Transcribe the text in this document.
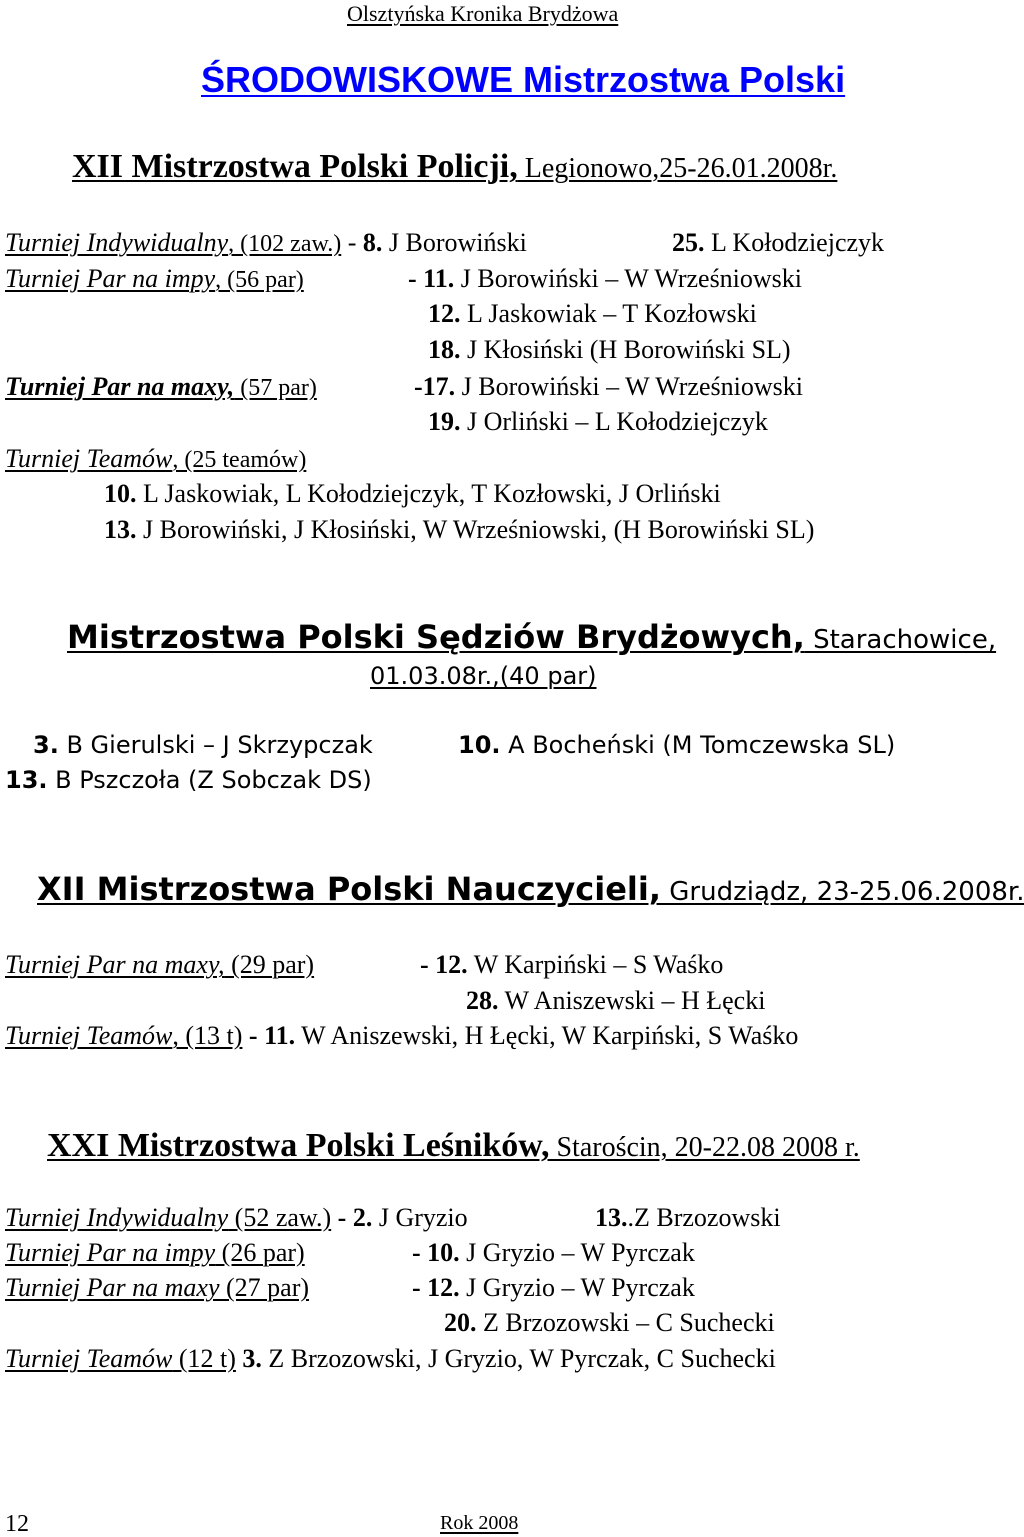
Olsztyńska Kronika Brydżowa
ŚRODOWISKOWE Mistrzostwa Polski
XII Mistrzostwa Polski Policji, Legionowo,25-26.01.2008r.
Turniej Indywidualny, (102 zaw.) - 8. J Borowiński	25. L Kołodziejczyk
Turniej Par na impy, (56 par)	- 11. J Borowiński – W Wrześniowski
12. L Jaskowiak – T Kozłowski
18. J Kłosiński (H Borowiński SL)
Turniej Par na maxy, (57 par)	-17. J Borowiński – W Wrześniowski
19. J Orliński – L Kołodziejczyk
Turniej Teamów, (25 teamów)
10. L Jaskowiak, L Kołodziejczyk, T Kozłowski, J Orliński
13. J Borowiński, J Kłosiński, W Wrześniowski, (H Borowiński SL)
Mistrzostwa Polski Sędziów Brydżowych, Starachowice,
01.03.08r.,(40 par)
3. B Gierulski – J Skrzypczak	10. A Bocheński (M Tomczewska SL)
13. B Pszczoła (Z Sobczak DS)
XII Mistrzostwa Polski Nauczycieli, Grudziądz, 23-25.06.2008r.
Turniej Par na maxy, (29 par)	- 12. W Karpiński – S Waśko
28. W Aniszewski – H Łęcki
Turniej Teamów, (13 t) - 11. W Aniszewski, H Łęcki, W Karpiński, S Waśko
XXI Mistrzostwa Polski Leśników, Starościn, 20-22.08 2008 r.
Turniej Indywidualny (52 zaw.) - 2. J Gryzio	13..Z Brzozowski
Turniej Par na impy (26 par)	- 10. J Gryzio – W Pyrczak
Turniej Par na maxy (27 par)	- 12. J Gryzio – W Pyrczak
20. Z Brzozowski – C Suchecki
Turniej Teamów (12 t) 3. Z Brzozowski, J Gryzio, W Pyrczak, C Suchecki
12	Rok 2008
